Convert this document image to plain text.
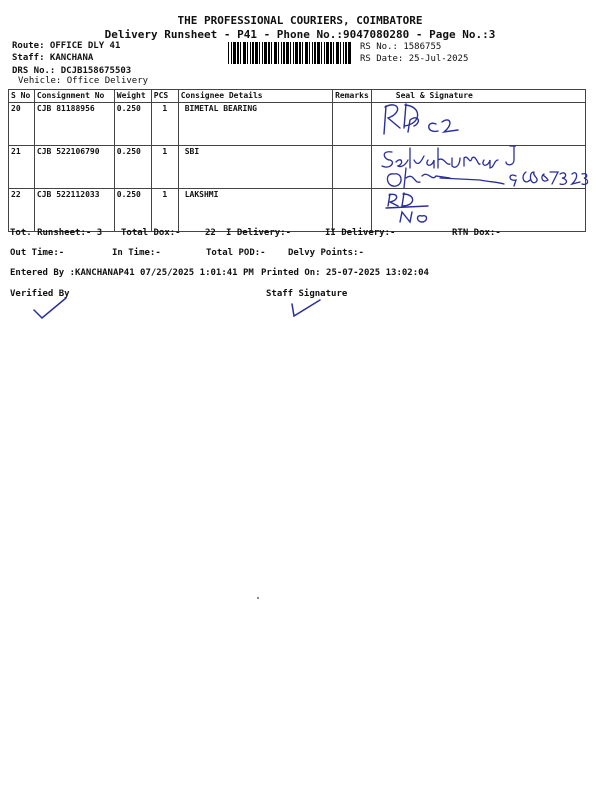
THE PROFESSIONAL COURIERS, COIMBATORE
Delivery Runsheet - P41 - Phone No.:9047080280 - Page No.:3
Route: OFFICE DLY 41
Staff: KANCHANA
DRS No.: DCJB158675503
Vehicle: Office Delivery
RS No.: 1586755
RS Date: 25-Jul-2025
S No	Consignment No	Weight	PCS	Consignee Details	Remarks	Seal & Signature
20	CJB 81188956	0.250	1	BIMETAL BEARING		
21	CJB 522106790	0.250	1	SBI		
22	CJB 522112033	0.250	1	LAKSHMI		
Tot. Runsheet:- 3 Total Dox:-	22 I Delivery:-	II Delivery:-	RTN Dox:-
Out Time:-	In Time:-	Total POD:- Delvy Points:-
Entered By :KANCHANAP41 07/25/2025 1:01:41 PM Printed On: 25-07-2025 13:02:04
Verified By	Staff Signature
